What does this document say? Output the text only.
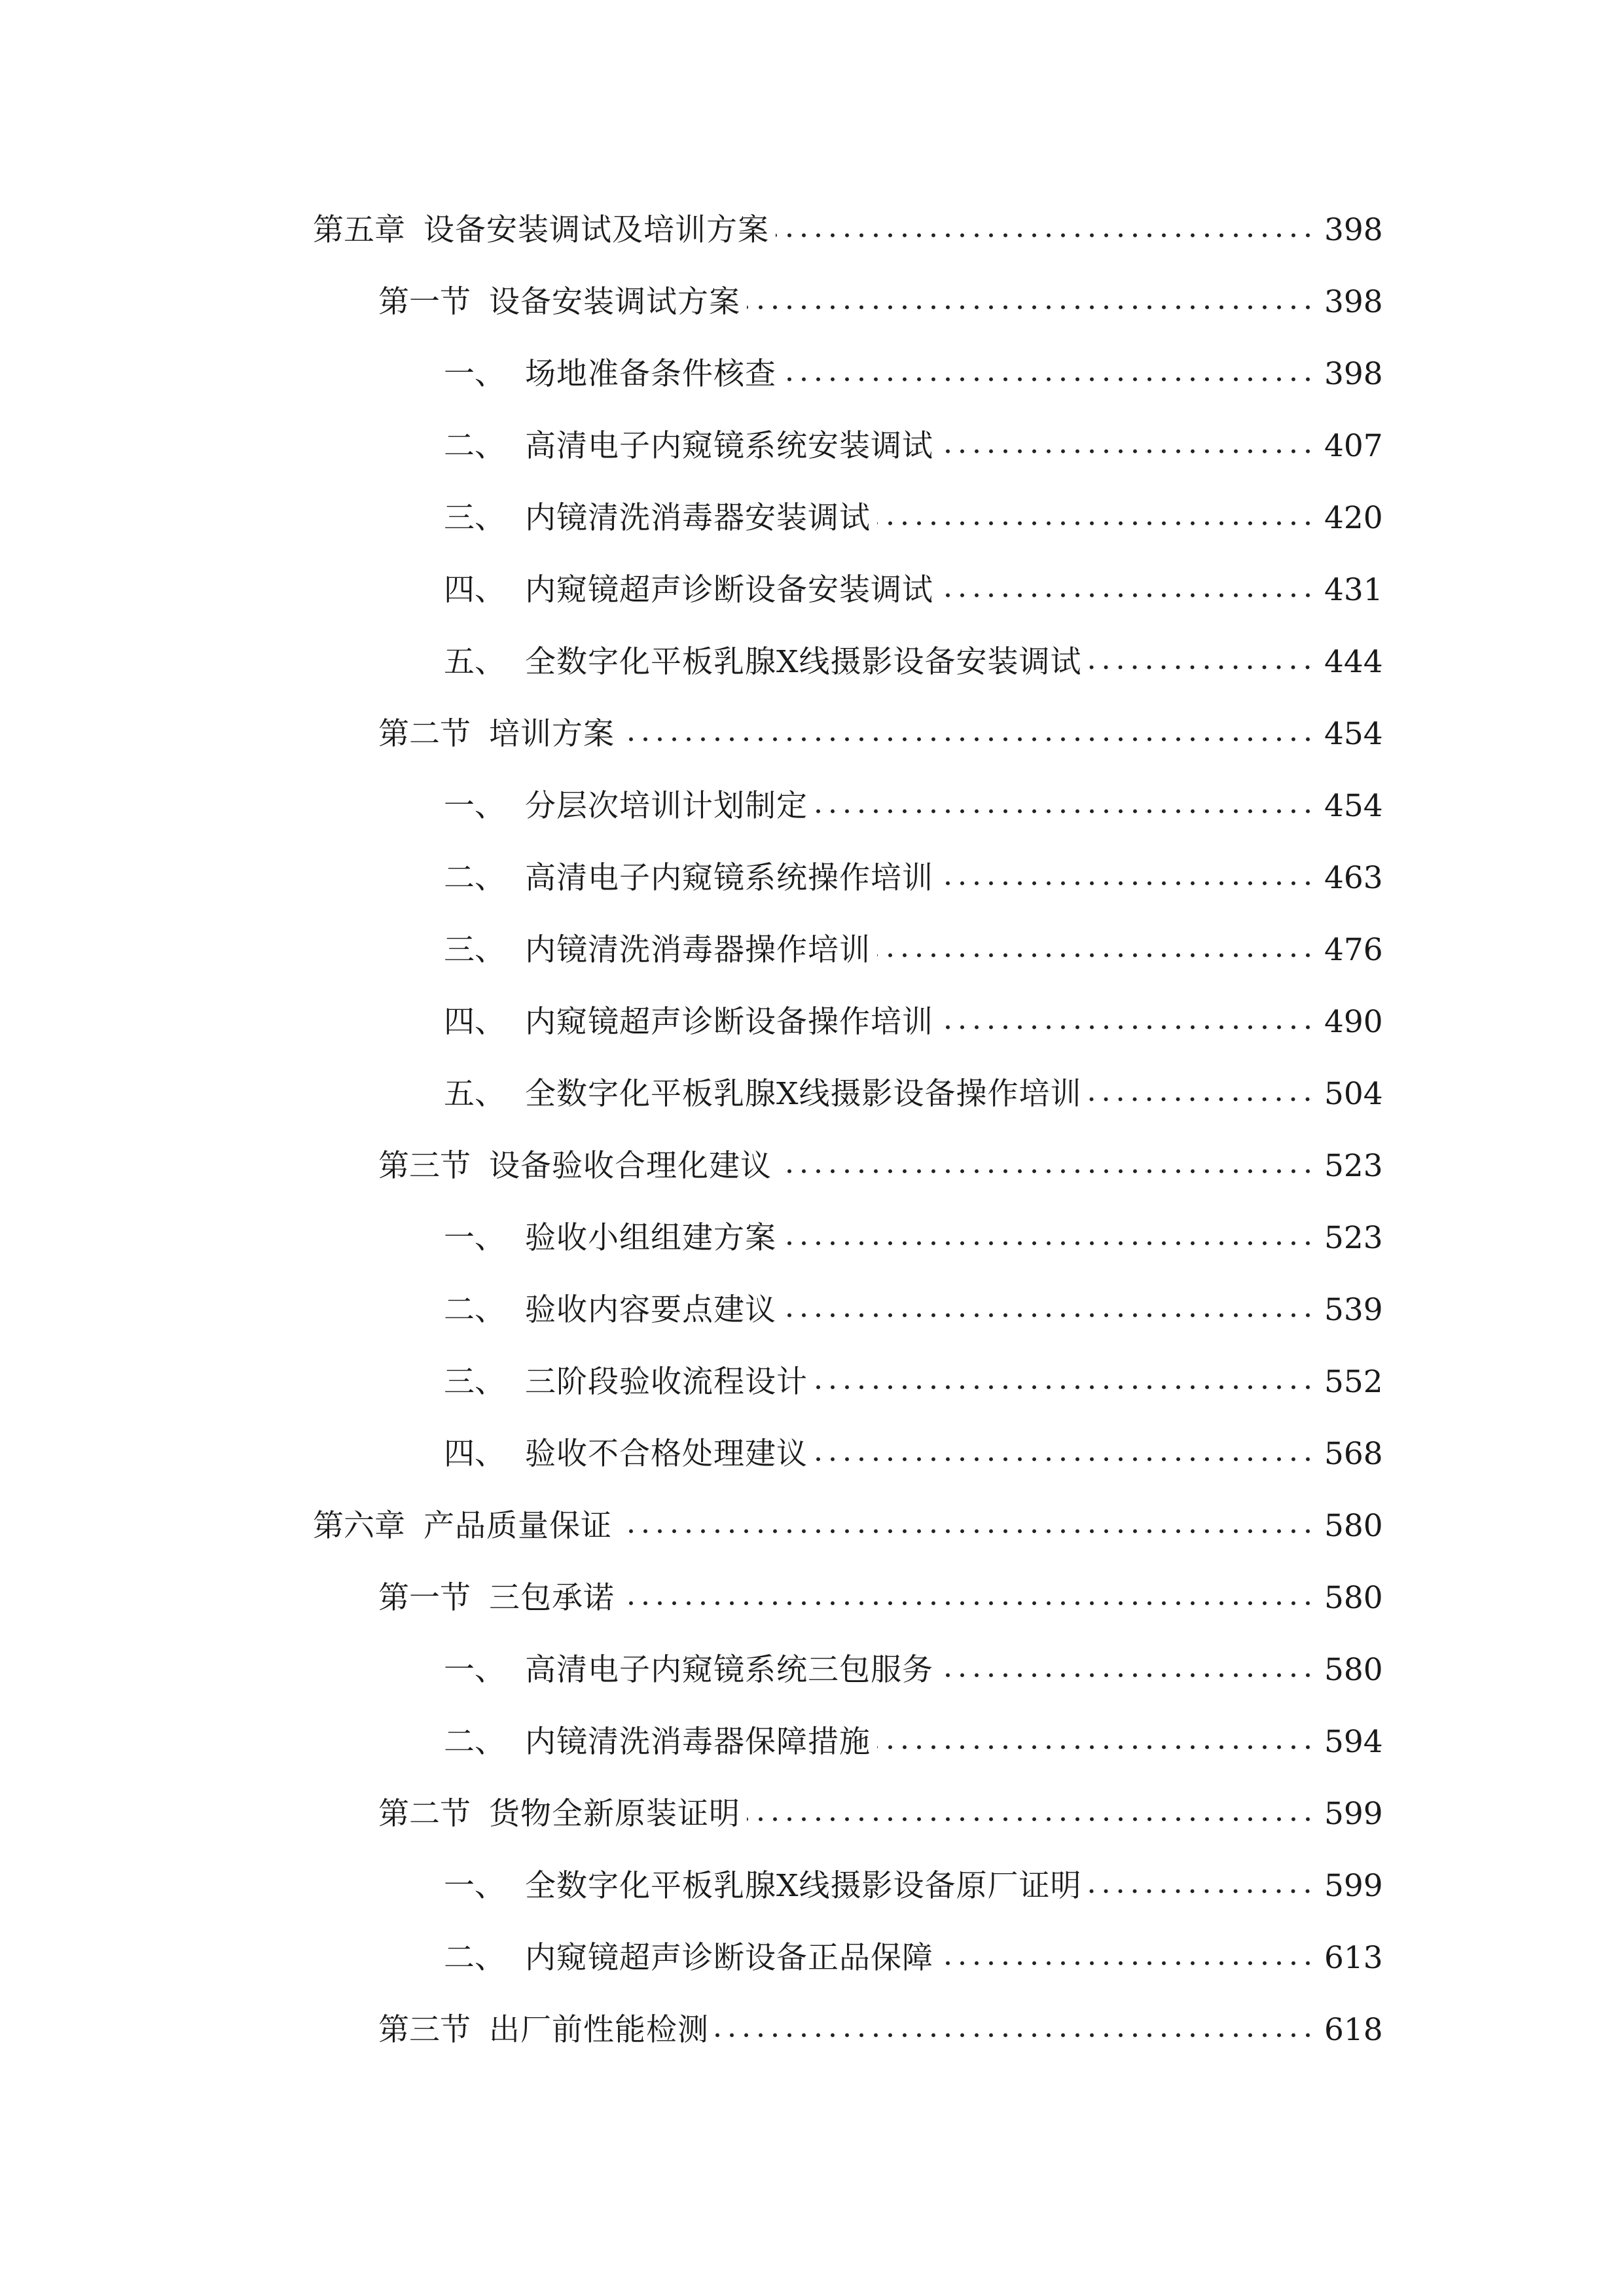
第五章 设备安装调试及培训方案	398
第一节 设备安装调试方案	398
一、 场地准备条件核查	398
二、 高清电子内窥镜系统安装调试	407
三、 内镜清洗消毒器安装调试	420
四、 内窥镜超声诊断设备安装调试	431
五、 全数字化平板乳腺X线摄影设备安装调试	444
第二节 培训方案	454
一、 分层次培训计划制定	454
二、 高清电子内窥镜系统操作培训	463
三、 内镜清洗消毒器操作培训	476
四、 内窥镜超声诊断设备操作培训	490
五、 全数字化平板乳腺X线摄影设备操作培训	504
第三节 设备验收合理化建议	523
一、 验收小组组建方案	523
二、 验收内容要点建议	539
三、 三阶段验收流程设计	552
四、 验收不合格处理建议	568
第六章 产品质量保证	580
第一节 三包承诺	580
一、 高清电子内窥镜系统三包服务	580
二、 内镜清洗消毒器保障措施	594
第二节 货物全新原装证明	599
一、 全数字化平板乳腺X线摄影设备原厂证明	599
二、 内窥镜超声诊断设备正品保障	613
第三节 出厂前性能检测	618
